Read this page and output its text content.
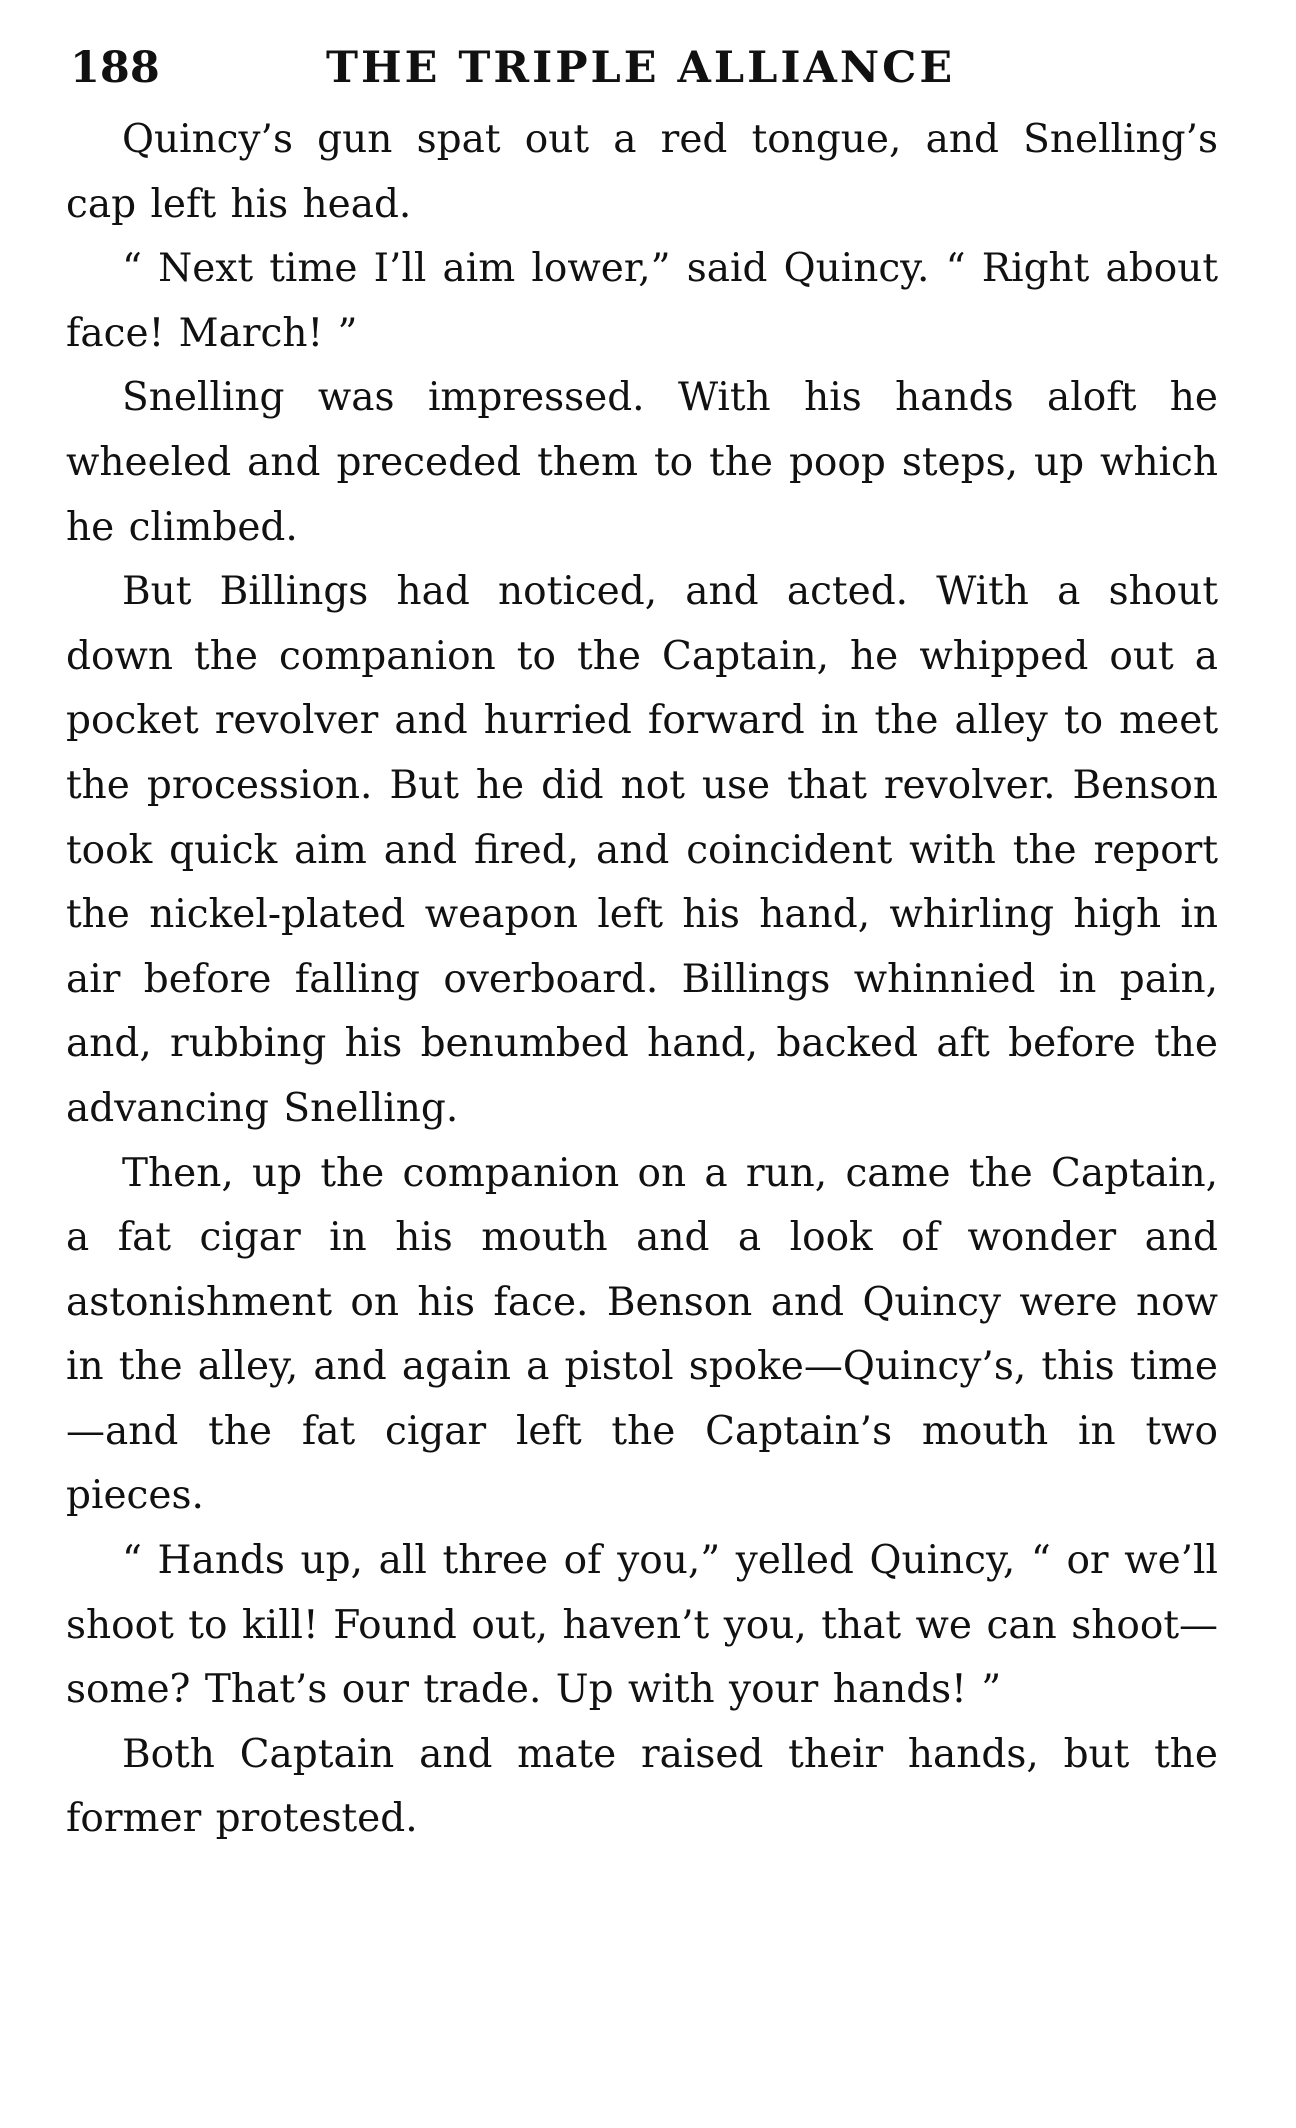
188	THE TRIPLE ALLIANCE

Quincy’s gun spat out a red tongue, and Snelling’s cap left his head.

“ Next time I’ll aim lower,” said Quincy. “ Right about face! March! ”

Snelling was impressed. With his hands aloft he wheeled and preceded them to the poop steps, up which he climbed.

But Billings had noticed, and acted. With a shout down the companion to the Captain, he whipped out a pocket revolver and hurried forward in the alley to meet the procession. But he did not use that revolver. Benson took quick aim and fired, and coincident with the report the nickel-plated weapon left his hand, whirling high in air before falling overboard. Billings whinnied in pain, and, rubbing his benumbed hand, backed aft before the advancing Snelling.

Then, up the companion on a run, came the Captain, a fat cigar in his mouth and a look of wonder and astonishment on his face. Benson and Quincy were now in the alley, and again a pistol spoke—Quincy’s, this time—and the fat cigar left the Captain’s mouth in two pieces.

“ Hands up, all three of you,” yelled Quincy, “ or we’ll shoot to kill! Found out, haven’t you, that we can shoot—some? That’s our trade. Up with your hands! ”

Both Captain and mate raised their hands, but the former protested.
